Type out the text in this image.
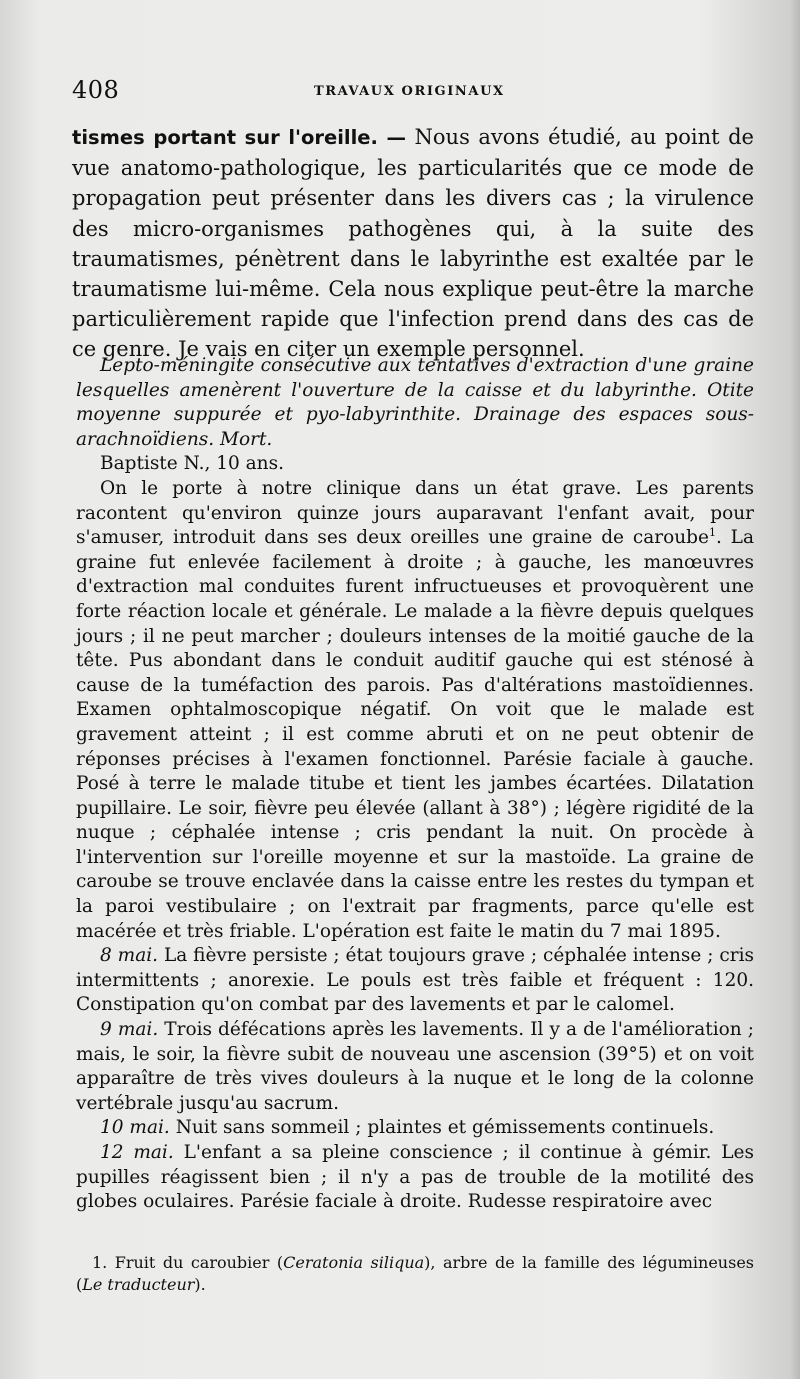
408	TRAVAUX ORIGINAUX

tismes portant sur l'oreille. — Nous avons étudié, au point de vue anatomo-pathologique, les particularités que ce mode de propagation peut présenter dans les divers cas ; la virulence des micro-organismes pathogènes qui, à la suite des traumatismes, pénètrent dans le labyrinthe est exaltée par le traumatisme lui-même. Cela nous explique peut-être la marche particulièrement rapide que l'infection prend dans des cas de ce genre. Je vais en citer un exemple personnel.

Lepto-méningite consécutive aux tentatives d'extraction d'une graine lesquelles amenèrent l'ouverture de la caisse et du labyrinthe. Otite moyenne suppurée et pyo-labyrinthite. Drainage des espaces sous-arachnoïdiens. Mort.

Baptiste N., 10 ans.

On le porte à notre clinique dans un état grave. Les parents racontent qu'environ quinze jours auparavant l'enfant avait, pour s'amuser, introduit dans ses deux oreilles une graine de caroube$^1$. La graine fut enlevée facilement à droite ; à gauche, les manœuvres d'extraction mal conduites furent infructueuses et provoquèrent une forte réaction locale et générale. Le malade a la fièvre depuis quelques jours ; il ne peut marcher ; douleurs intenses de la moitié gauche de la tête. Pus abondant dans le conduit auditif gauche qui est sténosé à cause de la tuméfaction des parois. Pas d'altérations mastoïdiennes. Examen ophtalmoscopique négatif. On voit que le malade est gravement atteint ; il est comme abruti et on ne peut obtenir de réponses précises à l'examen fonctionnel. Parésie faciale à gauche. Posé à terre le malade titube et tient les jambes écartées. Dilatation pupillaire. Le soir, fièvre peu élevée (allant à 38°) ; légère rigidité de la nuque ; céphalée intense ; cris pendant la nuit. On procède à l'intervention sur l'oreille moyenne et sur la mastoïde. La graine de caroube se trouve enclavée dans la caisse entre les restes du tympan et la paroi vestibulaire ; on l'extrait par fragments, parce qu'elle est macérée et très friable. L'opération est faite le matin du 7 mai 1895.

8 mai. La fièvre persiste ; état toujours grave ; céphalée intense ; cris intermittents ; anorexie. Le pouls est très faible et fréquent : 120. Constipation qu'on combat par des lavements et par le calomel.

9 mai. Trois défécations après les lavements. Il y a de l'amélioration ; mais, le soir, la fièvre subit de nouveau une ascension (39°5) et on voit apparaître de très vives douleurs à la nuque et le long de la colonne vertébrale jusqu'au sacrum.

10 mai. Nuit sans sommeil ; plaintes et gémissements continuels.

12 mai. L'enfant a sa pleine conscience ; il continue à gémir. Les pupilles réagissent bien ; il n'y a pas de trouble de la motilité des globes oculaires. Parésie faciale à droite. Rudesse respiratoire avec

1. Fruit du caroubier (Ceratonia siliqua), arbre de la famille des légumineuses (Le traducteur).
